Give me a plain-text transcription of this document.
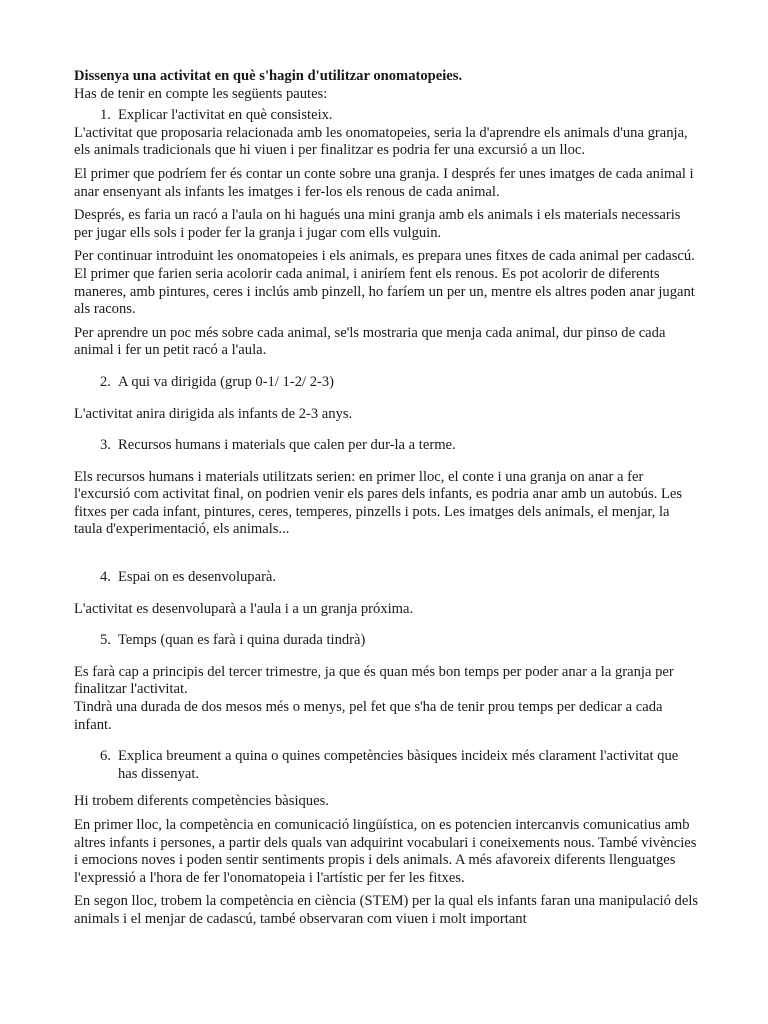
Dissenya una activitat en què s'hagin d'utilitzar onomatopeies.
Has de tenir en compte les següents pautes:
1. Explicar l'activitat en què consisteix.

L'activitat que proposaria relacionada amb les onomatopeies, seria la d'aprendre els animals d'una granja, els animals tradicionals que hi viuen i per finalitzar es podria fer una excursió a un lloc.

El primer que podríem fer és contar un conte sobre una granja. I després fer unes imatges de cada animal i anar ensenyant als infants les imatges i fer-los els renous de cada animal.

Després, es faria un racó a l'aula on hi hagués una mini granja amb els animals i els materials necessaris per jugar ells sols i poder fer la granja i jugar com ells vulguin.

Per continuar introduint les onomatopeies i els animals, es prepara unes fitxes de cada animal per cadascú. El primer que farien seria acolorir cada animal, i aniríem fent els renous. Es pot acolorir de diferents maneres, amb pintures, ceres i inclús amb pinzell, ho faríem un per un, mentre els altres poden anar jugant als racons.

Per aprendre un poc més sobre cada animal, se'ls mostraria que menja cada animal, dur pinso de cada animal i fer un petit racó a l'aula.

2. A qui va dirigida (grup 0-1/ 1-2/ 2-3)

L'activitat anira dirigida als infants de 2-3 anys.

3. Recursos humans i materials que calen per dur-la a terme.

Els recursos humans i materials utilitzats serien: en primer lloc, el conte i una granja on anar a fer l'excursió com activitat final, on podrien venir els pares dels infants, es podria anar amb un autobús. Les fitxes per cada infant, pintures, ceres, temperes, pinzells i pots. Les imatges dels animals, el menjar, la taula d'experimentació, els animals...

4. Espai on es desenvoluparà.

L'activitat es desenvoluparà a l'aula i a un granja próxima.

5. Temps (quan es farà i quina durada tindrà)

Es farà cap a principis del tercer trimestre, ja que és quan més bon temps per poder anar a la granja per finalitzar l'activitat.

Tindrà una durada de dos mesos més o menys, pel fet que s'ha de tenir prou temps per dedicar a cada infant.

6. Explica breument a quina o quines competències bàsiques incideix més clarament l'activitat que has dissenyat.

Hi trobem diferents competències bàsiques.

En primer lloc, la competència en comunicació lingüística, on es potencien intercanvis comunicatius amb altres infants i persones, a partir dels quals van adquirint vocabulari i coneixements nous. També vivències i emocions noves i poden sentir sentiments propis i dels animals. A més afavoreix diferents llenguatges l'expressió a l'hora de fer l'onomatopeia i l'artístic per fer les fitxes.

En segon lloc, trobem la competència en ciència (STEM) per la qual els infants faran una manipulació dels animals i el menjar de cadascú, també observaran com viuen i molt important
